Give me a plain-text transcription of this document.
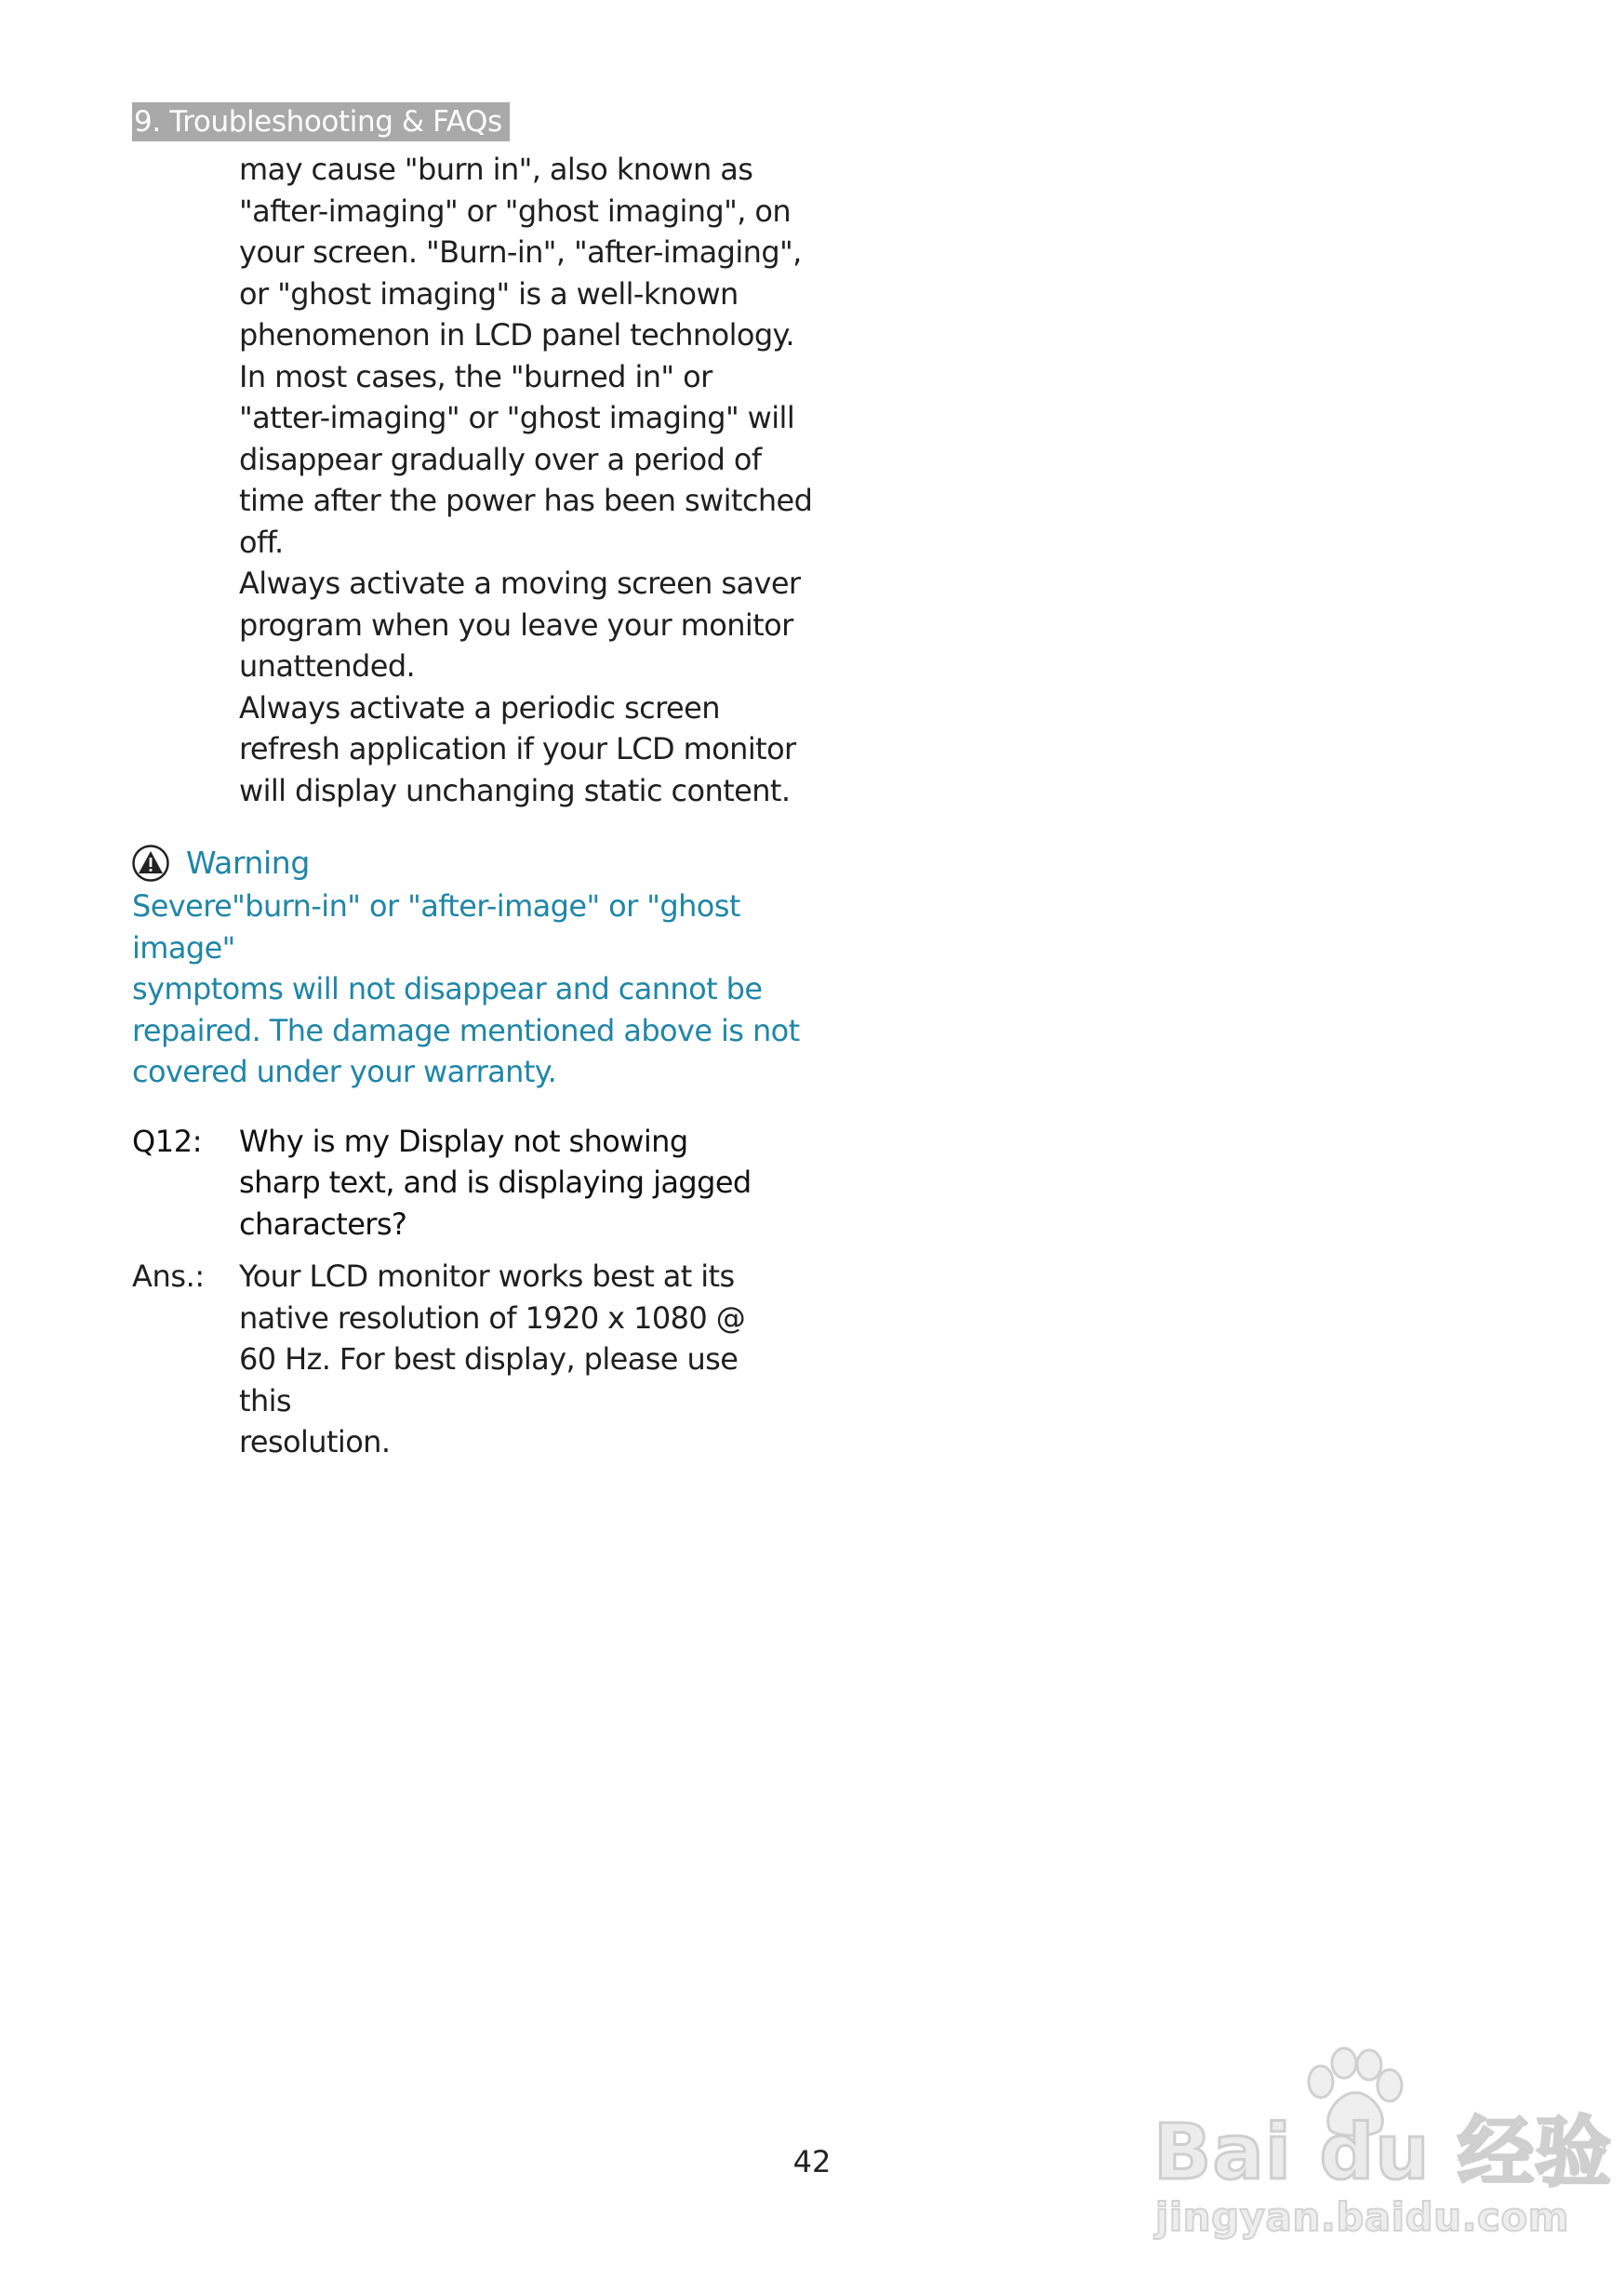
9. Troubleshooting & FAQs
may cause "burn in", also known as
"after-imaging" or "ghost imaging", on
your screen. "Burn-in", "after-imaging",
or "ghost imaging" is a well-known
phenomenon in LCD panel technology.
In most cases, the "burned in" or
"atter-imaging" or "ghost imaging" will
disappear gradually over a period of
time after the power has been switched
off.
Always activate a moving screen saver
program when you leave your monitor
unattended.
Always activate a periodic screen
refresh application if your LCD monitor
will display unchanging static content.
Warning
Severe"burn-in" or "after-image" or "ghost image"
symptoms will not disappear and cannot be
repaired. The damage mentioned above is not
covered under your warranty.
Q12:	Why is my Display not showing
sharp text, and is displaying jagged
characters?
Ans.:	Your LCD monitor works best at its
native resolution of 1920 x 1080 @
60 Hz. For best display, please use this
resolution.
42	Bai du 经验
jingyan.baidu.com
